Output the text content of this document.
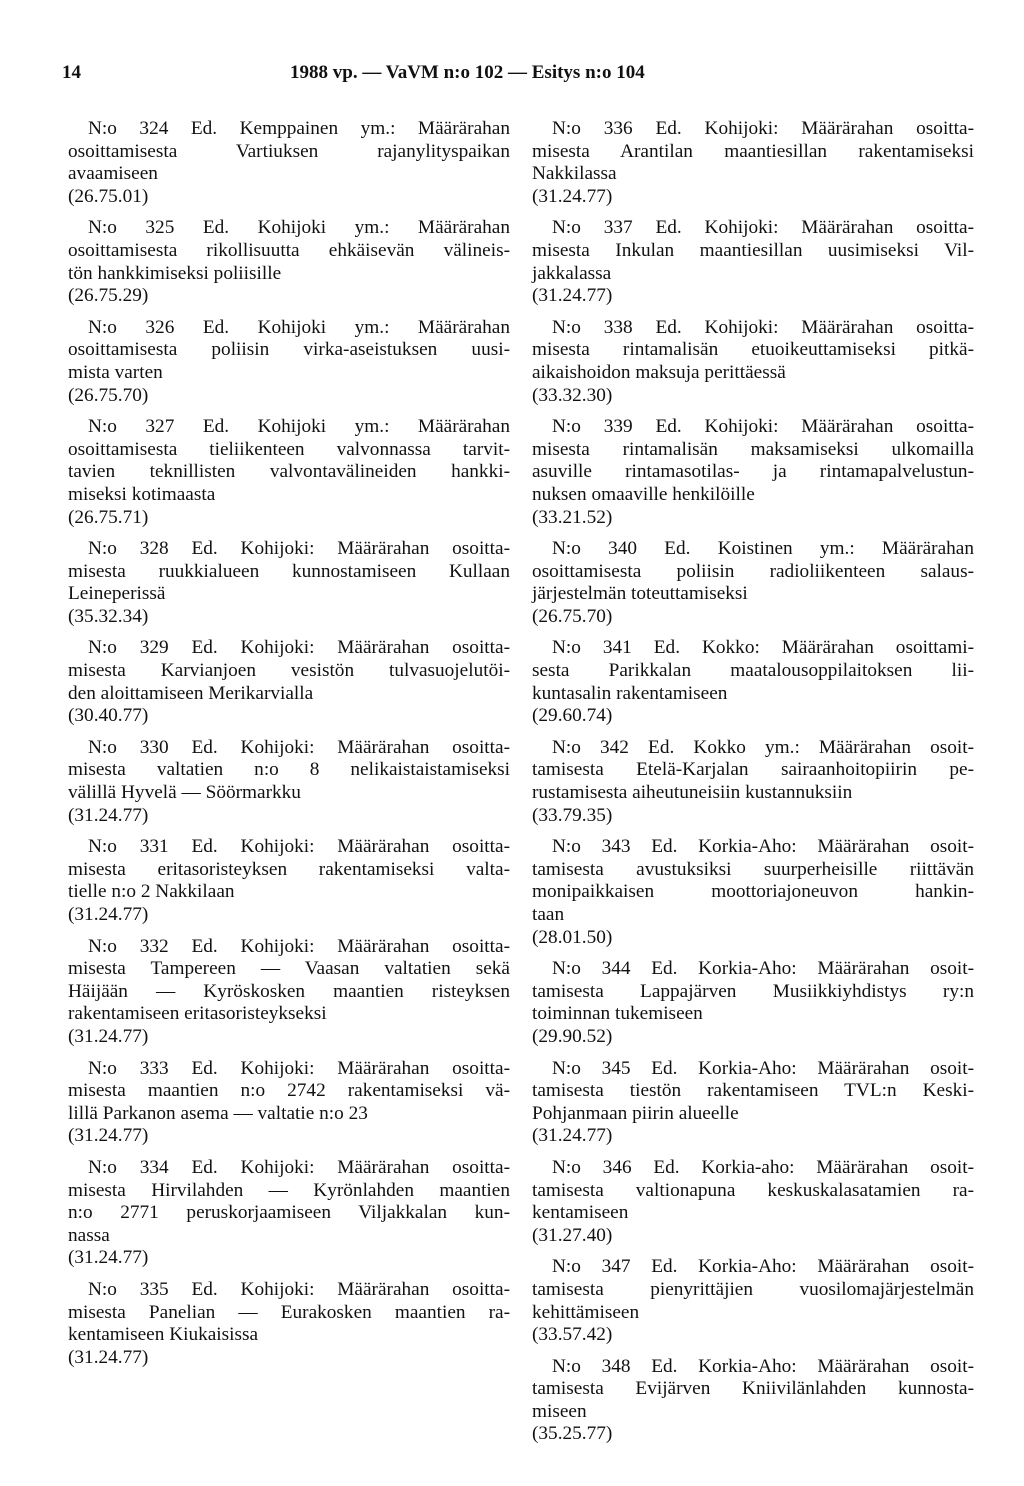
14	1988 vp. — VaVM n:o 102 — Esitys n:o 104
N:o 324 Ed. Kemppainen ym.: Määrärahan
osoittamisesta Vartiuksen rajanylityspaikan
avaamiseen
(26.75.01)
N:o 325 Ed. Kohijoki ym.: Määrärahan
osoittamisesta rikollisuutta ehkäisevän välineis-
tön hankkimiseksi poliisille
(26.75.29)
N:o 326 Ed. Kohijoki ym.: Määrärahan
osoittamisesta poliisin virka-aseistuksen uusi-
mista varten
(26.75.70)
N:o 327 Ed. Kohijoki ym.: Määrärahan
osoittamisesta tieliikenteen valvonnassa tarvit-
tavien teknillisten valvontavälineiden hankki-
miseksi kotimaasta
(26.75.71)
N:o 328 Ed. Kohijoki: Määrärahan osoitta-
misesta ruukkialueen kunnostamiseen Kullaan
Leineperissä
(35.32.34)
N:o 329 Ed. Kohijoki: Määrärahan osoitta-
misesta Karvianjoen vesistön tulvasuojelutöi-
den aloittamiseen Merikarvialla
(30.40.77)
N:o 330 Ed. Kohijoki: Määrärahan osoitta-
misesta valtatien n:o 8 nelikaistaistamiseksi
välillä Hyvelä — Söörmarkku
(31.24.77)
N:o 331 Ed. Kohijoki: Määrärahan osoitta-
misesta eritasoristeyksen rakentamiseksi valta-
tielle n:o 2 Nakkilaan
(31.24.77)
N:o 332 Ed. Kohijoki: Määrärahan osoitta-
misesta Tampereen — Vaasan valtatien sekä
Häijään — Kyröskosken maantien risteyksen
rakentamiseen eritasoristeykseksi
(31.24.77)
N:o 333 Ed. Kohijoki: Määrärahan osoitta-
misesta maantien n:o 2742 rakentamiseksi vä-
lillä Parkanon asema — valtatie n:o 23
(31.24.77)
N:o 334 Ed. Kohijoki: Määrärahan osoitta-
misesta Hirvilahden — Kyrönlahden maantien
n:o 2771 peruskorjaamiseen Viljakkalan kun-
nassa
(31.24.77)
N:o 335 Ed. Kohijoki: Määrärahan osoitta-
misesta Panelian — Eurakosken maantien ra-
kentamiseen Kiukaisissa
(31.24.77)
N:o 336 Ed. Kohijoki: Määrärahan osoitta-
misesta Arantilan maantiesillan rakentamiseksi
Nakkilassa
(31.24.77)
N:o 337 Ed. Kohijoki: Määrärahan osoitta-
misesta Inkulan maantiesillan uusimiseksi Vil-
jakkalassa
(31.24.77)
N:o 338 Ed. Kohijoki: Määrärahan osoitta-
misesta rintamalisän etuoikeuttamiseksi pitkä-
aikaishoidon maksuja perittäessä
(33.32.30)
N:o 339 Ed. Kohijoki: Määrärahan osoitta-
misesta rintamalisän maksamiseksi ulkomailla
asuville rintamasotilas- ja rintamapalvelustun-
nuksen omaaville henkilöille
(33.21.52)
N:o 340 Ed. Koistinen ym.: Määrärahan
osoittamisesta poliisin radioliikenteen salaus-
järjestelmän toteuttamiseksi
(26.75.70)
N:o 341 Ed. Kokko: Määrärahan osoittami-
sesta Parikkalan maatalousoppilaitoksen lii-
kuntasalin rakentamiseen
(29.60.74)
N:o 342 Ed. Kokko ym.: Määrärahan osoit-
tamisesta Etelä-Karjalan sairaanhoitopiirin pe-
rustamisesta aiheutuneisiin kustannuksiin
(33.79.35)
N:o 343 Ed. Korkia-Aho: Määrärahan osoit-
tamisesta avustuksiksi suurperheisille riittävän
monipaikkaisen moottoriajoneuvon hankin-
taan
(28.01.50)
N:o 344 Ed. Korkia-Aho: Määrärahan osoit-
tamisesta Lappajärven Musiikkiyhdistys ry:n
toiminnan tukemiseen
(29.90.52)
N:o 345 Ed. Korkia-Aho: Määrärahan osoit-
tamisesta tiestön rakentamiseen TVL:n Keski-
Pohjanmaan piirin alueelle
(31.24.77)
N:o 346 Ed. Korkia-aho: Määrärahan osoit-
tamisesta valtionapuna keskuskalasatamien ra-
kentamiseen
(31.27.40)
N:o 347 Ed. Korkia-Aho: Määrärahan osoit-
tamisesta pienyrittäjien vuosilomajärjestelmän
kehittämiseen
(33.57.42)
N:o 348 Ed. Korkia-Aho: Määrärahan osoit-
tamisesta Evijärven Kniivilänlahden kunnosta-
miseen
(35.25.77)
